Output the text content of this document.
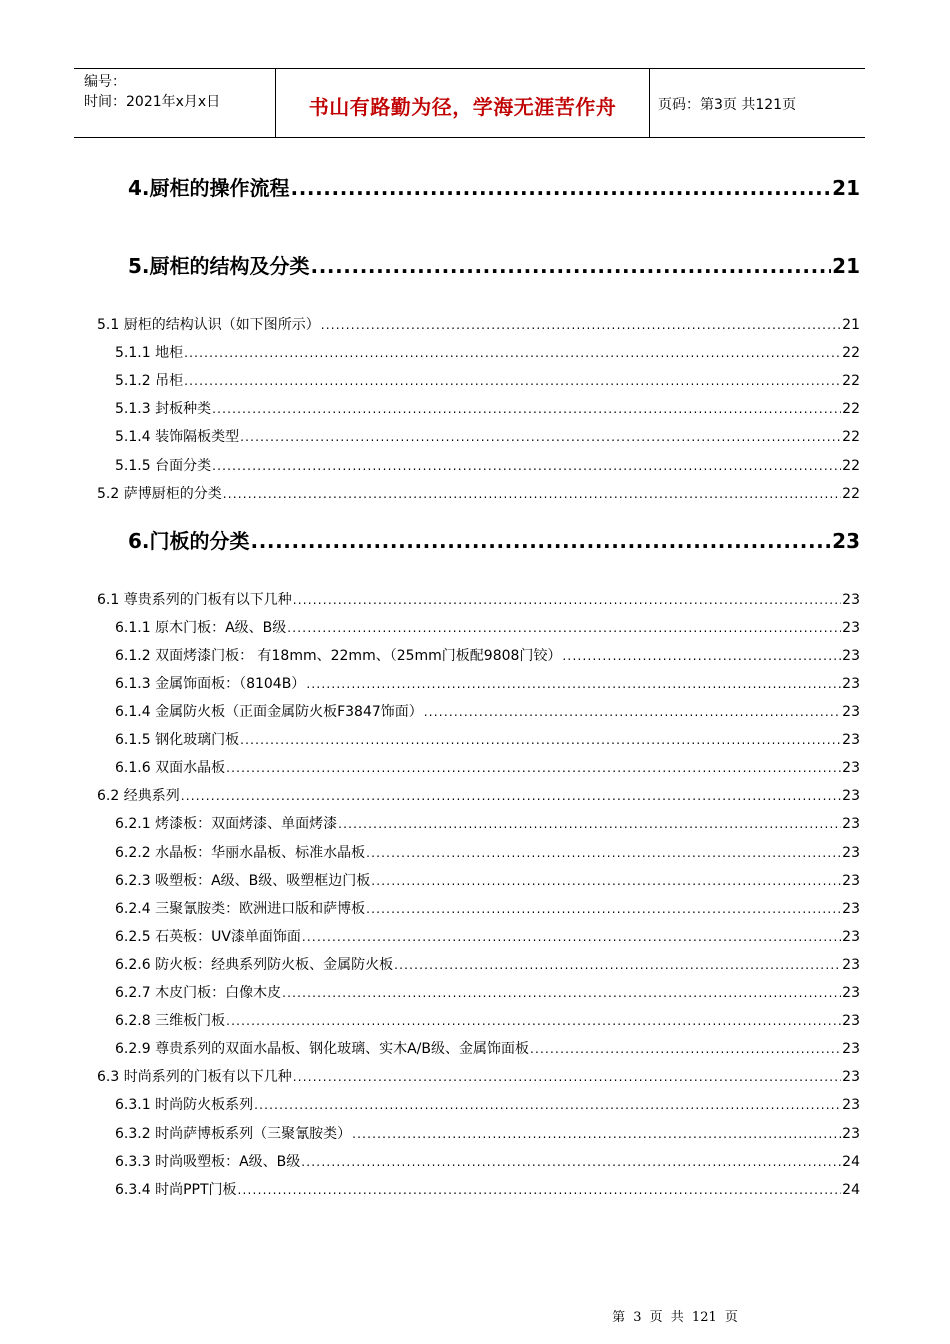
编号：
时间：2021年x月x日	书山有路勤为径，学海无涯苦作舟	页码：第3页 共121页
4.厨柜的操作流程 .....	21
5.厨柜的结构及分类 .....	21
5.1 厨柜的结构认识（如下图所示） .....	21
5.1.1 地柜 .....	22
5.1.2 吊柜 .....	22
5.1.3 封板种类 .....	22
5.1.4 装饰隔板类型 .....	22
5.1.5 台面分类 .....	22
5.2 萨博厨柜的分类 .....	22
6.门板的分类 .....	23
6.1 尊贵系列的门板有以下几种 .....	23
6.1.1 原木门板：A级、B级 .....	23
6.1.2 双面烤漆门板： 有18mm、22mm、（25mm门板配9808门铰） .....	23
6.1.3 金属饰面板：（8104B） .....	23
6.1.4 金属防火板（正面金属防火板F3847饰面） .....	23
6.1.5 钢化玻璃门板 .....	23
6.1.6 双面水晶板 .....	23
6.2 经典系列 .....	23
6.2.1 烤漆板：双面烤漆、单面烤漆 .....	23
6.2.2 水晶板：华丽水晶板、标准水晶板 .....	23
6.2.3 吸塑板：A级、B级、吸塑框边门板 .....	23
6.2.4 三聚氰胺类：欧洲进口版和萨博板 .....	23
6.2.5 石英板：UV漆单面饰面 .....	23
6.2.6 防火板：经典系列防火板、金属防火板 .....	23
6.2.7 木皮门板：白像木皮 .....	23
6.2.8 三维板门板 .....	23
6.2.9 尊贵系列的双面水晶板、钢化玻璃、实木A/B级、金属饰面板 .....	23
6.3 时尚系列的门板有以下几种 .....	23
6.3.1 时尚防火板系列 .....	23
6.3.2 时尚萨博板系列（三聚氰胺类） .....	23
6.3.3 时尚吸塑板：A级、B级 .....	24
6.3.4 时尚PPT门板 .....	24
第 3 页 共 121 页
